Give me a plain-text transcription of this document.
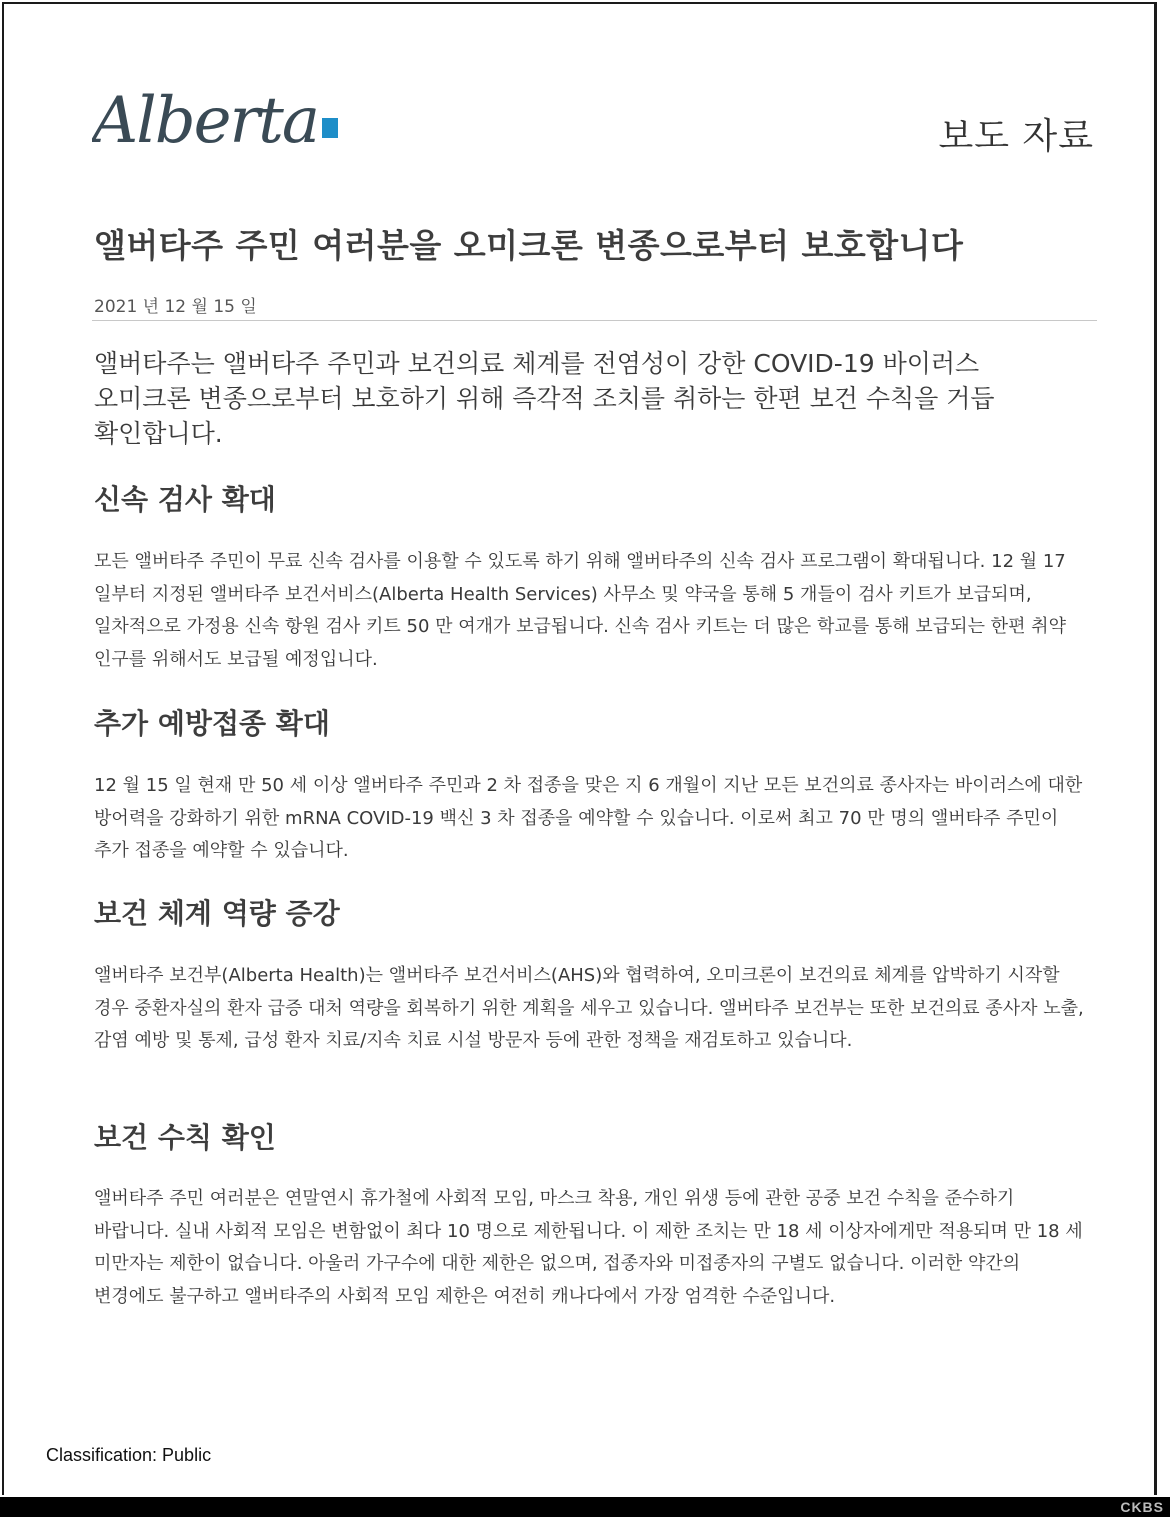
Alberta	보도 자료
앨버타주 주민 여러분을 오미크론 변종으로부터 보호합니다
2021 년 12 월 15 일
앨버타주는 앨버타주 주민과 보건의료 체계를 전염성이 강한 COVID-19 바이러스 오미크론 변종으로부터 보호하기 위해 즉각적 조치를 취하는 한편 보건 수칙을 거듭 확인합니다.
신속 검사 확대
모든 앨버타주 주민이 무료 신속 검사를 이용할 수 있도록 하기 위해 앨버타주의 신속 검사 프로그램이 확대됩니다. 12 월 17 일부터 지정된 앨버타주 보건서비스(Alberta Health Services) 사무소 및 약국을 통해 5 개들이 검사 키트가 보급되며, 일차적으로 가정용 신속 항원 검사 키트 50 만 여개가 보급됩니다. 신속 검사 키트는 더 많은 학교를 통해 보급되는 한편 취약 인구를 위해서도 보급될 예정입니다.
추가 예방접종 확대
12 월 15 일 현재 만 50 세 이상 앨버타주 주민과 2 차 접종을 맞은 지 6 개월이 지난 모든 보건의료 종사자는 바이러스에 대한 방어력을 강화하기 위한 mRNA COVID-19 백신 3 차 접종을 예약할 수 있습니다. 이로써 최고 70 만 명의 앨버타주 주민이 추가 접종을 예약할 수 있습니다.
보건 체계 역량 증강
앨버타주 보건부(Alberta Health)는 앨버타주 보건서비스(AHS)와 협력하여, 오미크론이 보건의료 체계를 압박하기 시작할 경우 중환자실의 환자 급증 대처 역량을 회복하기 위한 계획을 세우고 있습니다. 앨버타주 보건부는 또한 보건의료 종사자 노출, 감염 예방 및 통제, 급성 환자 치료/지속 치료 시설 방문자 등에 관한 정책을 재검토하고 있습니다.
보건 수칙 확인
앨버타주 주민 여러분은 연말연시 휴가철에 사회적 모임, 마스크 착용, 개인 위생 등에 관한 공중 보건 수칙을 준수하기 바랍니다. 실내 사회적 모임은 변함없이 최다 10 명으로 제한됩니다. 이 제한 조치는 만 18 세 이상자에게만 적용되며 만 18 세 미만자는 제한이 없습니다. 아울러 가구수에 대한 제한은 없으며, 접종자와 미접종자의 구별도 없습니다. 이러한 약간의 변경에도 불구하고 앨버타주의 사회적 모임 제한은 여전히 캐나다에서 가장 엄격한 수준입니다.
Classification: Public
CKBS
